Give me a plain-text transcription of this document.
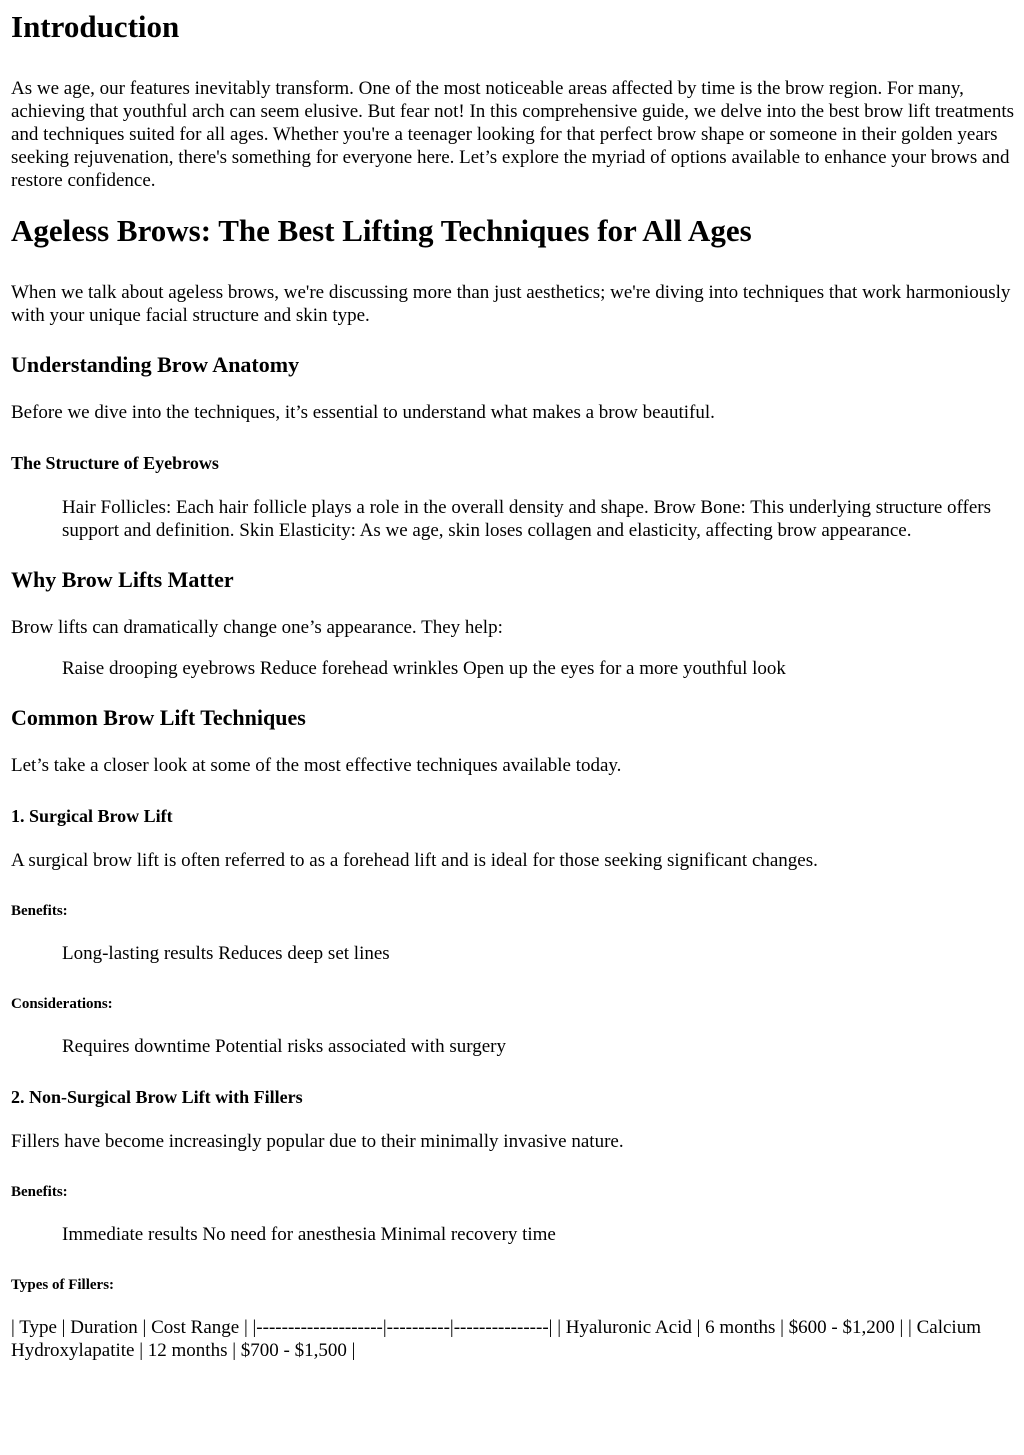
Introduction

As we age, our features inevitably transform. One of the most noticeable areas affected by time is the brow region. For many, achieving that youthful arch can seem elusive. But fear not! In this comprehensive guide, we delve into the best brow lift treatments and techniques suited for all ages. Whether you're a teenager looking for that perfect brow shape or someone in their golden years seeking rejuvenation, there's something for everyone here. Let’s explore the myriad of options available to enhance your brows and restore confidence.

Ageless Brows: The Best Lifting Techniques for All Ages

When we talk about ageless brows, we're discussing more than just aesthetics; we're diving into techniques that work harmoniously with your unique facial structure and skin type.

Understanding Brow Anatomy

Before we dive into the techniques, it’s essential to understand what makes a brow beautiful.

The Structure of Eyebrows
Hair Follicles: Each hair follicle plays a role in the overall density and shape. Brow Bone: This underlying structure offers support and definition. Skin Elasticity: As we age, skin loses collagen and elasticity, affecting brow appearance.
Why Brow Lifts Matter

Brow lifts can dramatically change one’s appearance. They help:

Raise drooping eyebrows Reduce forehead wrinkles Open up the eyes for a more youthful look
Common Brow Lift Techniques

Let’s take a closer look at some of the most effective techniques available today.

1. Surgical Brow Lift

A surgical brow lift is often referred to as a forehead lift and is ideal for those seeking significant changes.

Benefits:
Long-lasting results Reduces deep set lines
Considerations:
Requires downtime Potential risks associated with surgery
2. Non-Surgical Brow Lift with Fillers

Fillers have become increasingly popular due to their minimally invasive nature.

Benefits:
Immediate results No need for anesthesia Minimal recovery time
Types of Fillers:

| Type | Duration | Cost Range | |--------------------|----------|---------------| | Hyaluronic Acid | 6 months | $600 - $1,200 | | Calcium Hydroxylapatite | 12 months | $700 - $1,500 |
